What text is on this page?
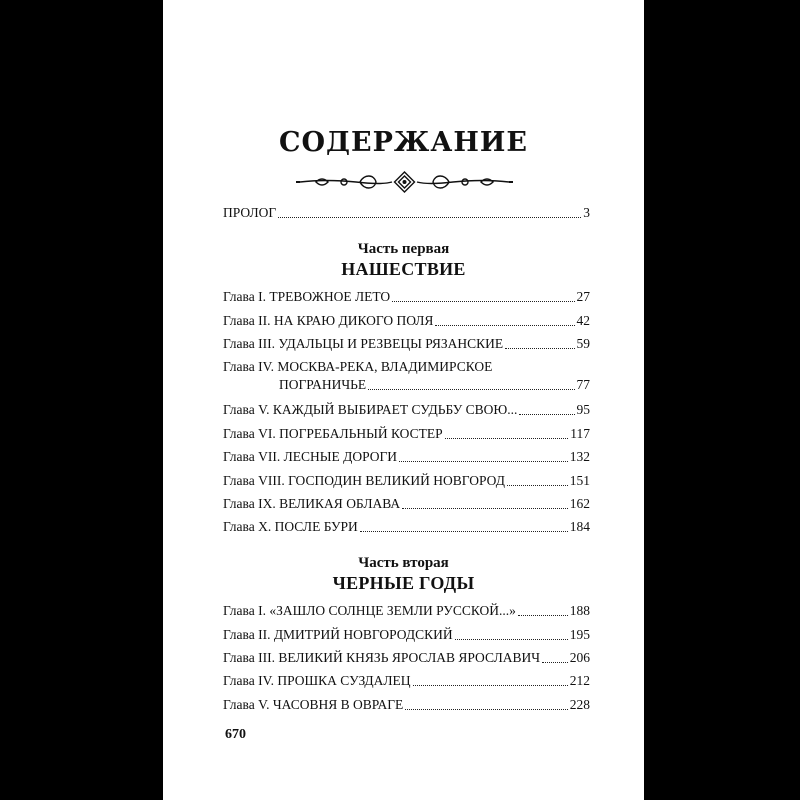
СОДЕРЖАНИЕ
ПРОЛОГ	3
Часть первая
НАШЕСТВИЕ
Глава I. ТРЕВОЖНОЕ ЛЕТО	27
Глава II. НА КРАЮ ДИКОГО ПОЛЯ	42
Глава III. УДАЛЬЦЫ И РЕЗВЕЦЫ РЯЗАНСКИЕ	59
Глава IV. МОСКВА-РЕКА, ВЛАДИМИРСКОЕ
ПОГРАНИЧЬЕ	77
Глава V. КАЖДЫЙ ВЫБИРАЕТ СУДЬБУ СВОЮ...	95
Глава VI. ПОГРЕБАЛЬНЫЙ КОСТЕР	117
Глава VII. ЛЕСНЫЕ ДОРОГИ	132
Глава VIII. ГОСПОДИН ВЕЛИКИЙ НОВГОРОД	151
Глава IX. ВЕЛИКАЯ ОБЛАВА	162
Глава X. ПОСЛЕ БУРИ	184
Часть вторая
ЧЕРНЫЕ ГОДЫ
Глава I. «ЗАШЛО СОЛНЦЕ ЗЕМЛИ РУССКОЙ...»	188
Глава II. ДМИТРИЙ НОВГОРОДСКИЙ	195
Глава III. ВЕЛИКИЙ КНЯЗЬ ЯРОСЛАВ ЯРОСЛАВИЧ 206
Глава IV. ПРОШКА СУЗДАЛЕЦ	212
Глава V. ЧАСОВНЯ В ОВРАГЕ	228
670
